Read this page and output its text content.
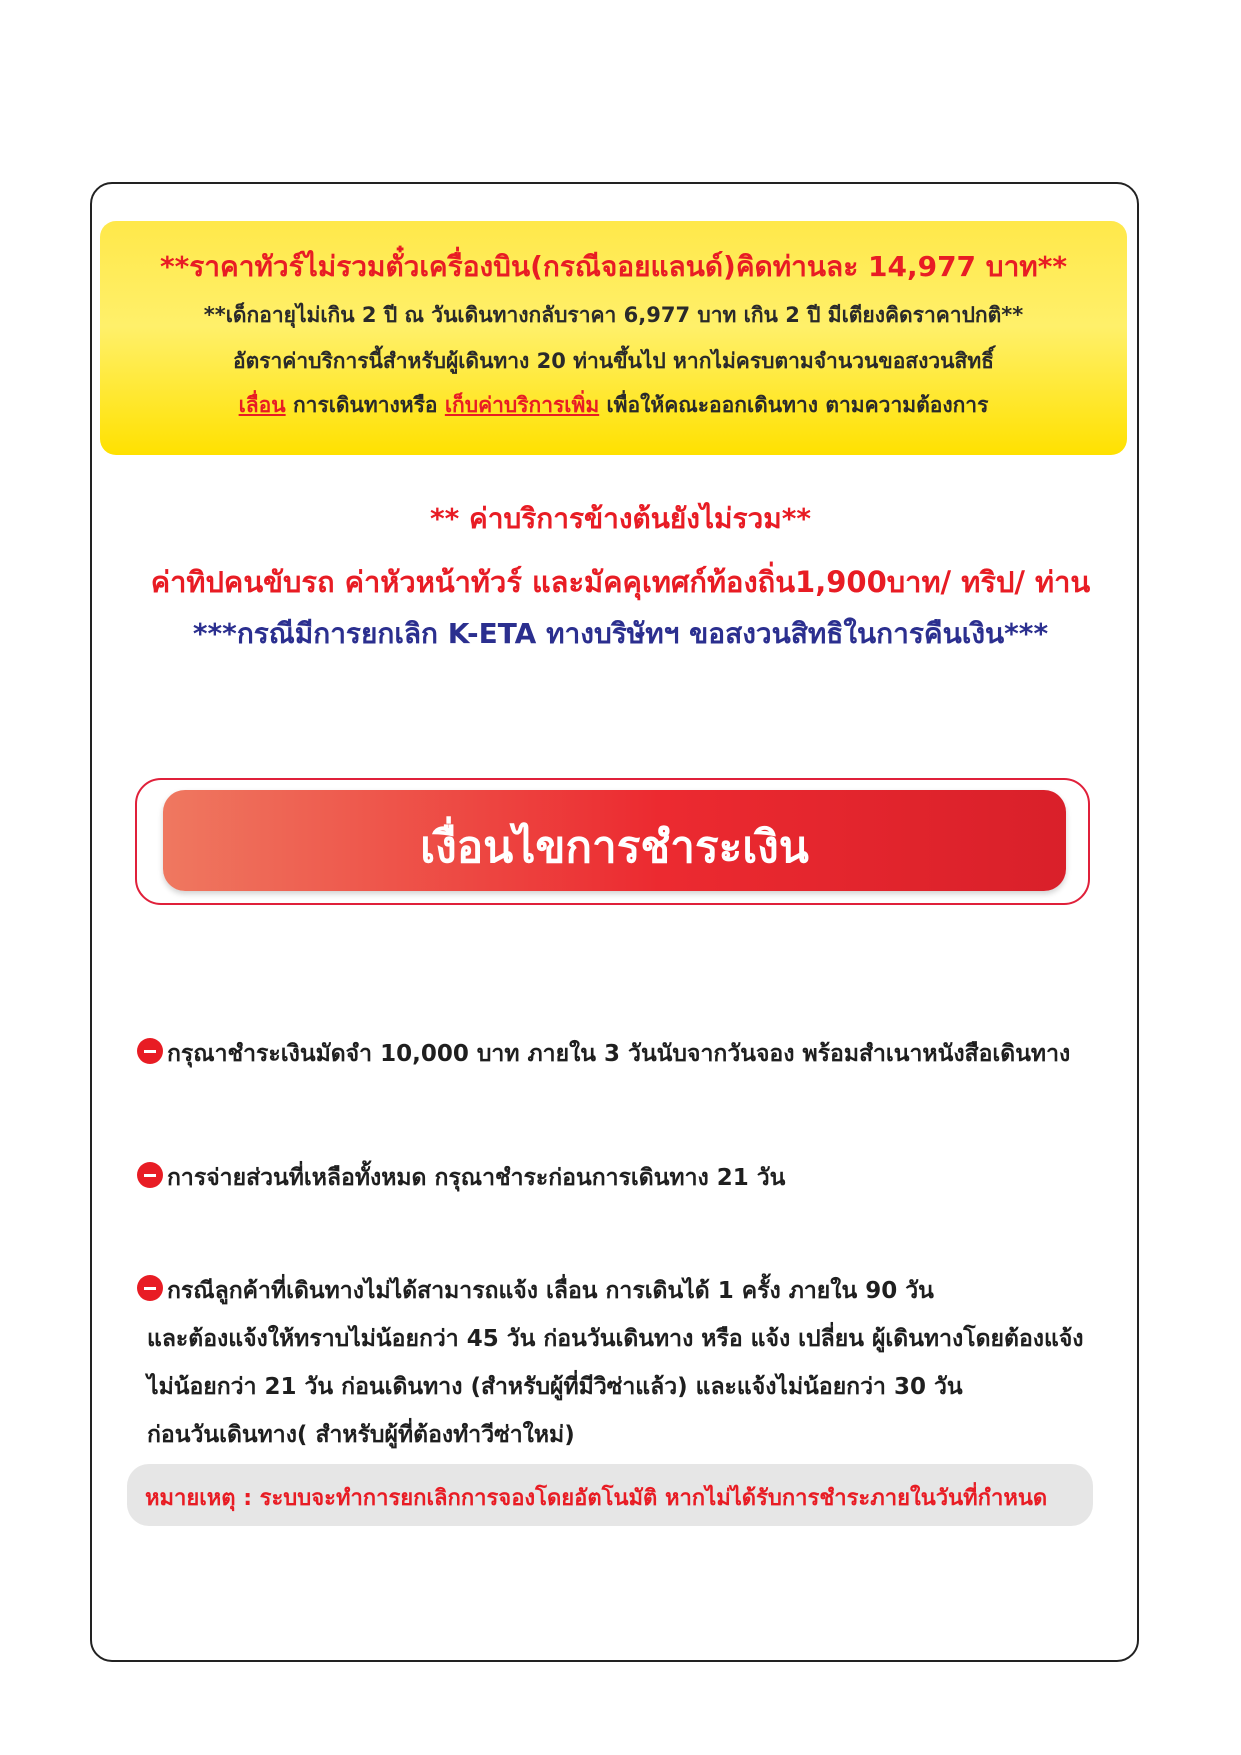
**ราคาทัวร์ไม่รวมตั๋วเครื่องบิน(กรณีจอยแลนด์)คิดท่านละ 14,977 บาท**
**เด็กอายุไม่เกิน 2 ปี ณ วันเดินทางกลับราคา 6,977 บาท เกิน 2 ปี มีเตียงคิดราคาปกติ**
อัตราค่าบริการนี้สำหรับผู้เดินทาง 20 ท่านขึ้นไป หากไม่ครบตามจำนวนขอสงวนสิทธิ์
เลื่อน การเดินทางหรือ เก็บค่าบริการเพิ่ม เพื่อให้คณะออกเดินทาง ตามความต้องการ
** ค่าบริการข้างต้นยังไม่รวม**
ค่าทิปคนขับรถ ค่าหัวหน้าทัวร์ และมัคคุเทศก์ท้องถิ่น1,900บาท/ ทริป/ ท่าน
***กรณีมีการยกเลิก K-ETA ทางบริษัทฯ ขอสงวนสิทธิในการคืนเงิน***
เงื่อนไขการชำระเงิน
กรุณาชำระเงินมัดจำ 10,000 บาท ภายใน 3 วันนับจากวันจอง พร้อมสำเนาหนังสือเดินทาง
การจ่ายส่วนที่เหลือทั้งหมด กรุณาชำระก่อนการเดินทาง 21 วัน
กรณีลูกค้าที่เดินทางไม่ได้สามารถแจ้ง เลื่อน การเดินได้ 1 ครั้ง ภายใน 90 วัน
และต้องแจ้งให้ทราบไม่น้อยกว่า 45 วัน ก่อนวันเดินทาง หรือ แจ้ง เปลี่ยน ผู้เดินทางโดยต้องแจ้ง
ไม่น้อยกว่า 21 วัน ก่อนเดินทาง (สำหรับผู้ที่มีวิซ่าแล้ว) และแจ้งไม่น้อยกว่า 30 วัน
ก่อนวันเดินทาง( สำหรับผู้ที่ต้องทำวีซ่าใหม่)
หมายเหตุ : ระบบจะทำการยกเลิกการจองโดยอัตโนมัติ หากไม่ได้รับการชำระภายในวันที่กำหนด
